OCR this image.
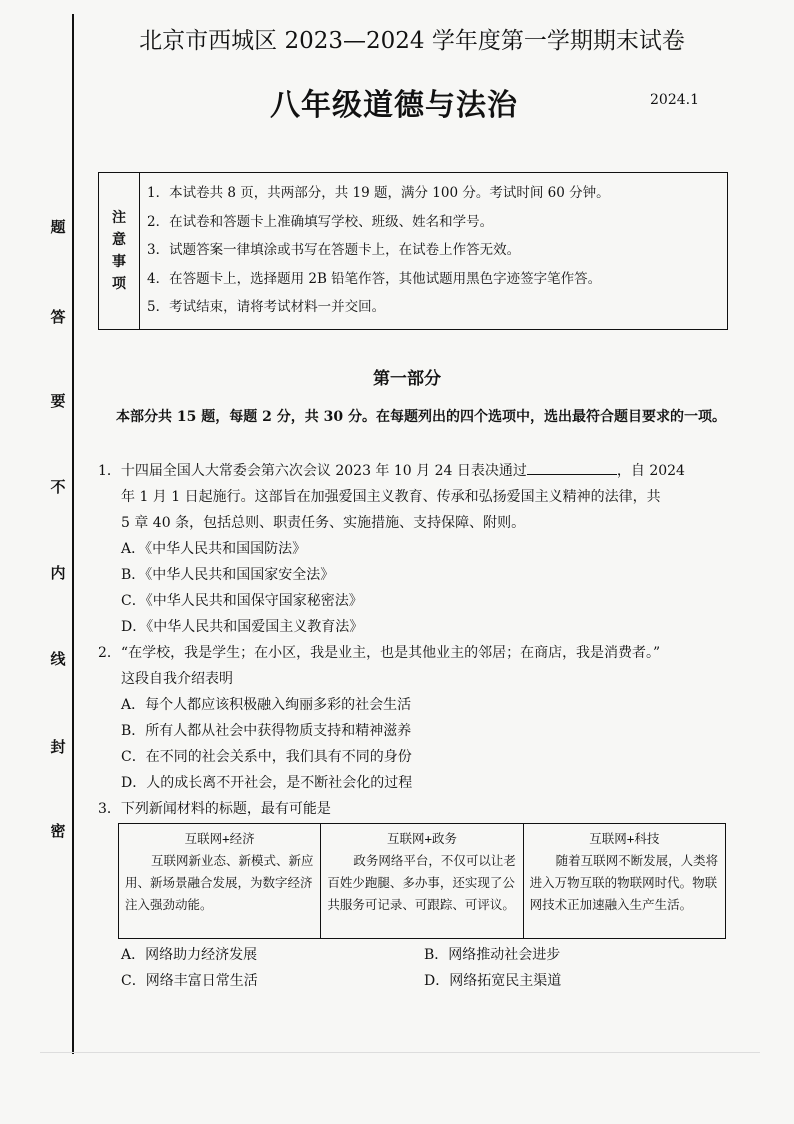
题
答
要
不
内
线
封
密
北京市西城区 2023—2024 学年度第一学期期末试卷
八年级道德与法治	2024.1
注
意
事
项
1．本试卷共 8 页，共两部分，共 19 题，满分 100 分。考试时间 60 分钟。
2．在试卷和答题卡上准确填写学校、班级、姓名和学号。
3．试题答案一律填涂或书写在答题卡上，在试卷上作答无效。
4．在答题卡上，选择题用 2B 铅笔作答，其他试题用黑色字迹签字笔作答。
5．考试结束，请将考试材料一并交回。
第一部分
本部分共 15 题，每题 2 分，共 30 分。在每题列出的四个选项中，选出最符合题目要求的一项。
1．十四届全国人大常委会第六次会议 2023 年 10 月 24 日表决通过	，自 2024
年 1 月 1 日起施行。这部旨在加强爱国主义教育、传承和弘扬爱国主义精神的法律，共
5 章 40 条，包括总则、职责任务、实施措施、支持保障、附则。
A．《中华人民共和国国防法》
B．《中华人民共和国国家安全法》
C．《中华人民共和国保守国家秘密法》
D．《中华人民共和国爱国主义教育法》
2．“在学校，我是学生；在小区，我是业主，也是其他业主的邻居；在商店，我是消费者。”
这段自我介绍表明
A．每个人都应该积极融入绚丽多彩的社会生活
B．所有人都从社会中获得物质支持和精神滋养
C．在不同的社会关系中，我们具有不同的身份
D．人的成长离不开社会，是不断社会化的过程
3．下列新闻材料的标题，最有可能是
互联网+经济
互联网新业态、新模式、新应用、新场景融合发展，为数字经济注入强劲动能。
互联网+政务
政务网络平台，不仅可以让老百姓少跑腿、多办事，还实现了公共服务可记录、可跟踪、可评议。
互联网+科技
随着互联网不断发展，人类将进入万物互联的物联网时代。物联网技术正加速融入生产生活。
A．网络助力经济发展	B．网络推动社会进步
C．网络丰富日常生活	D．网络拓宽民主渠道
